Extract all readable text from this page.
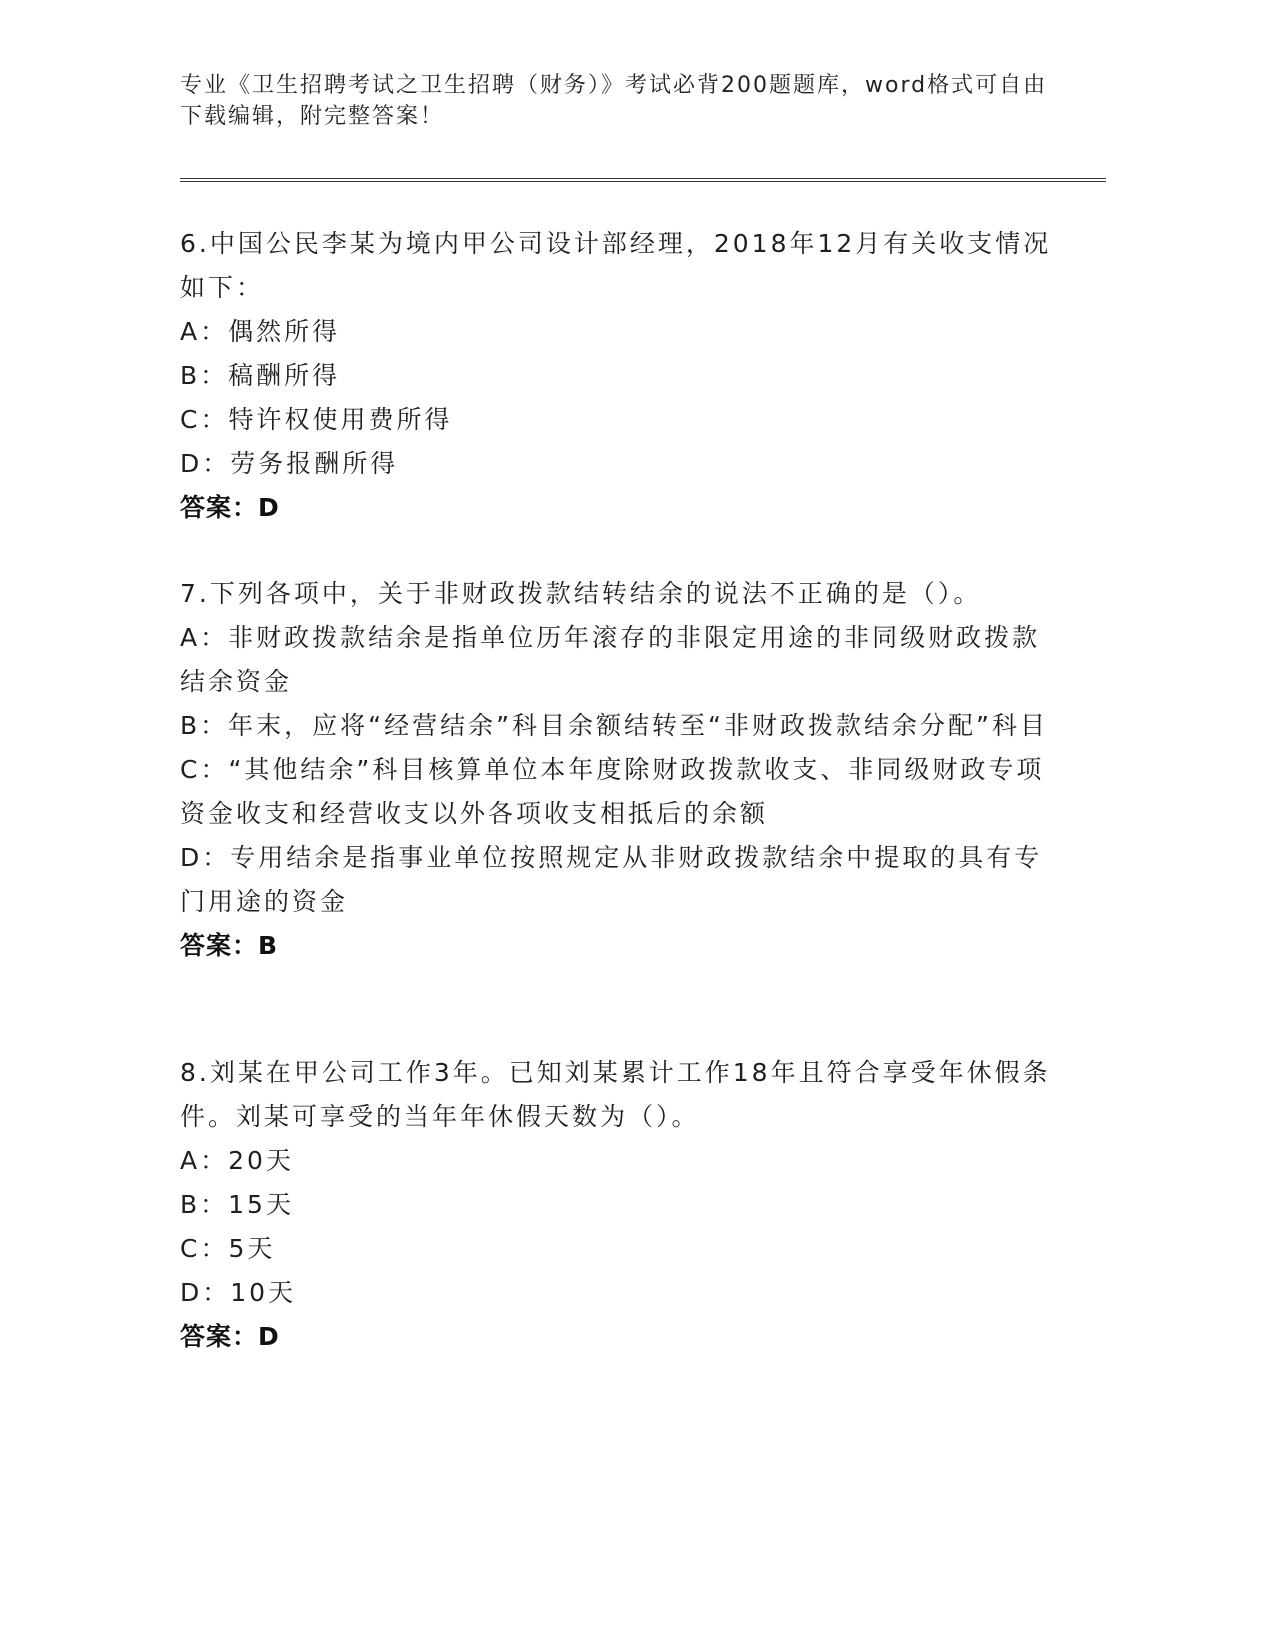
专业《卫生招聘考试之卫生招聘（财务）》考试必背200题题库，word格式可自由下载编辑，附完整答案！

6.中国公民李某为境内甲公司设计部经理，2018年12月有关收支情况如下：

A：偶然所得

B：稿酬所得

C：特许权使用费所得

D：劳务报酬所得

答案：D

7.下列各项中，关于非财政拨款结转结余的说法不正确的是（）。

A：非财政拨款结余是指单位历年滚存的非限定用途的非同级财政拨款结余资金

B：年末，应将“经营结余”科目余额结转至“非财政拨款结余分配”科目

C：“其他结余”科目核算单位本年度除财政拨款收支、非同级财政专项资金收支和经营收支以外各项收支相抵后的余额

D：专用结余是指事业单位按照规定从非财政拨款结余中提取的具有专门用途的资金

答案：B

8.刘某在甲公司工作3年。已知刘某累计工作18年且符合享受年休假条件。刘某可享受的当年年休假天数为（）。

A：20天

B：15天

C：5天

D：10天

答案：D
